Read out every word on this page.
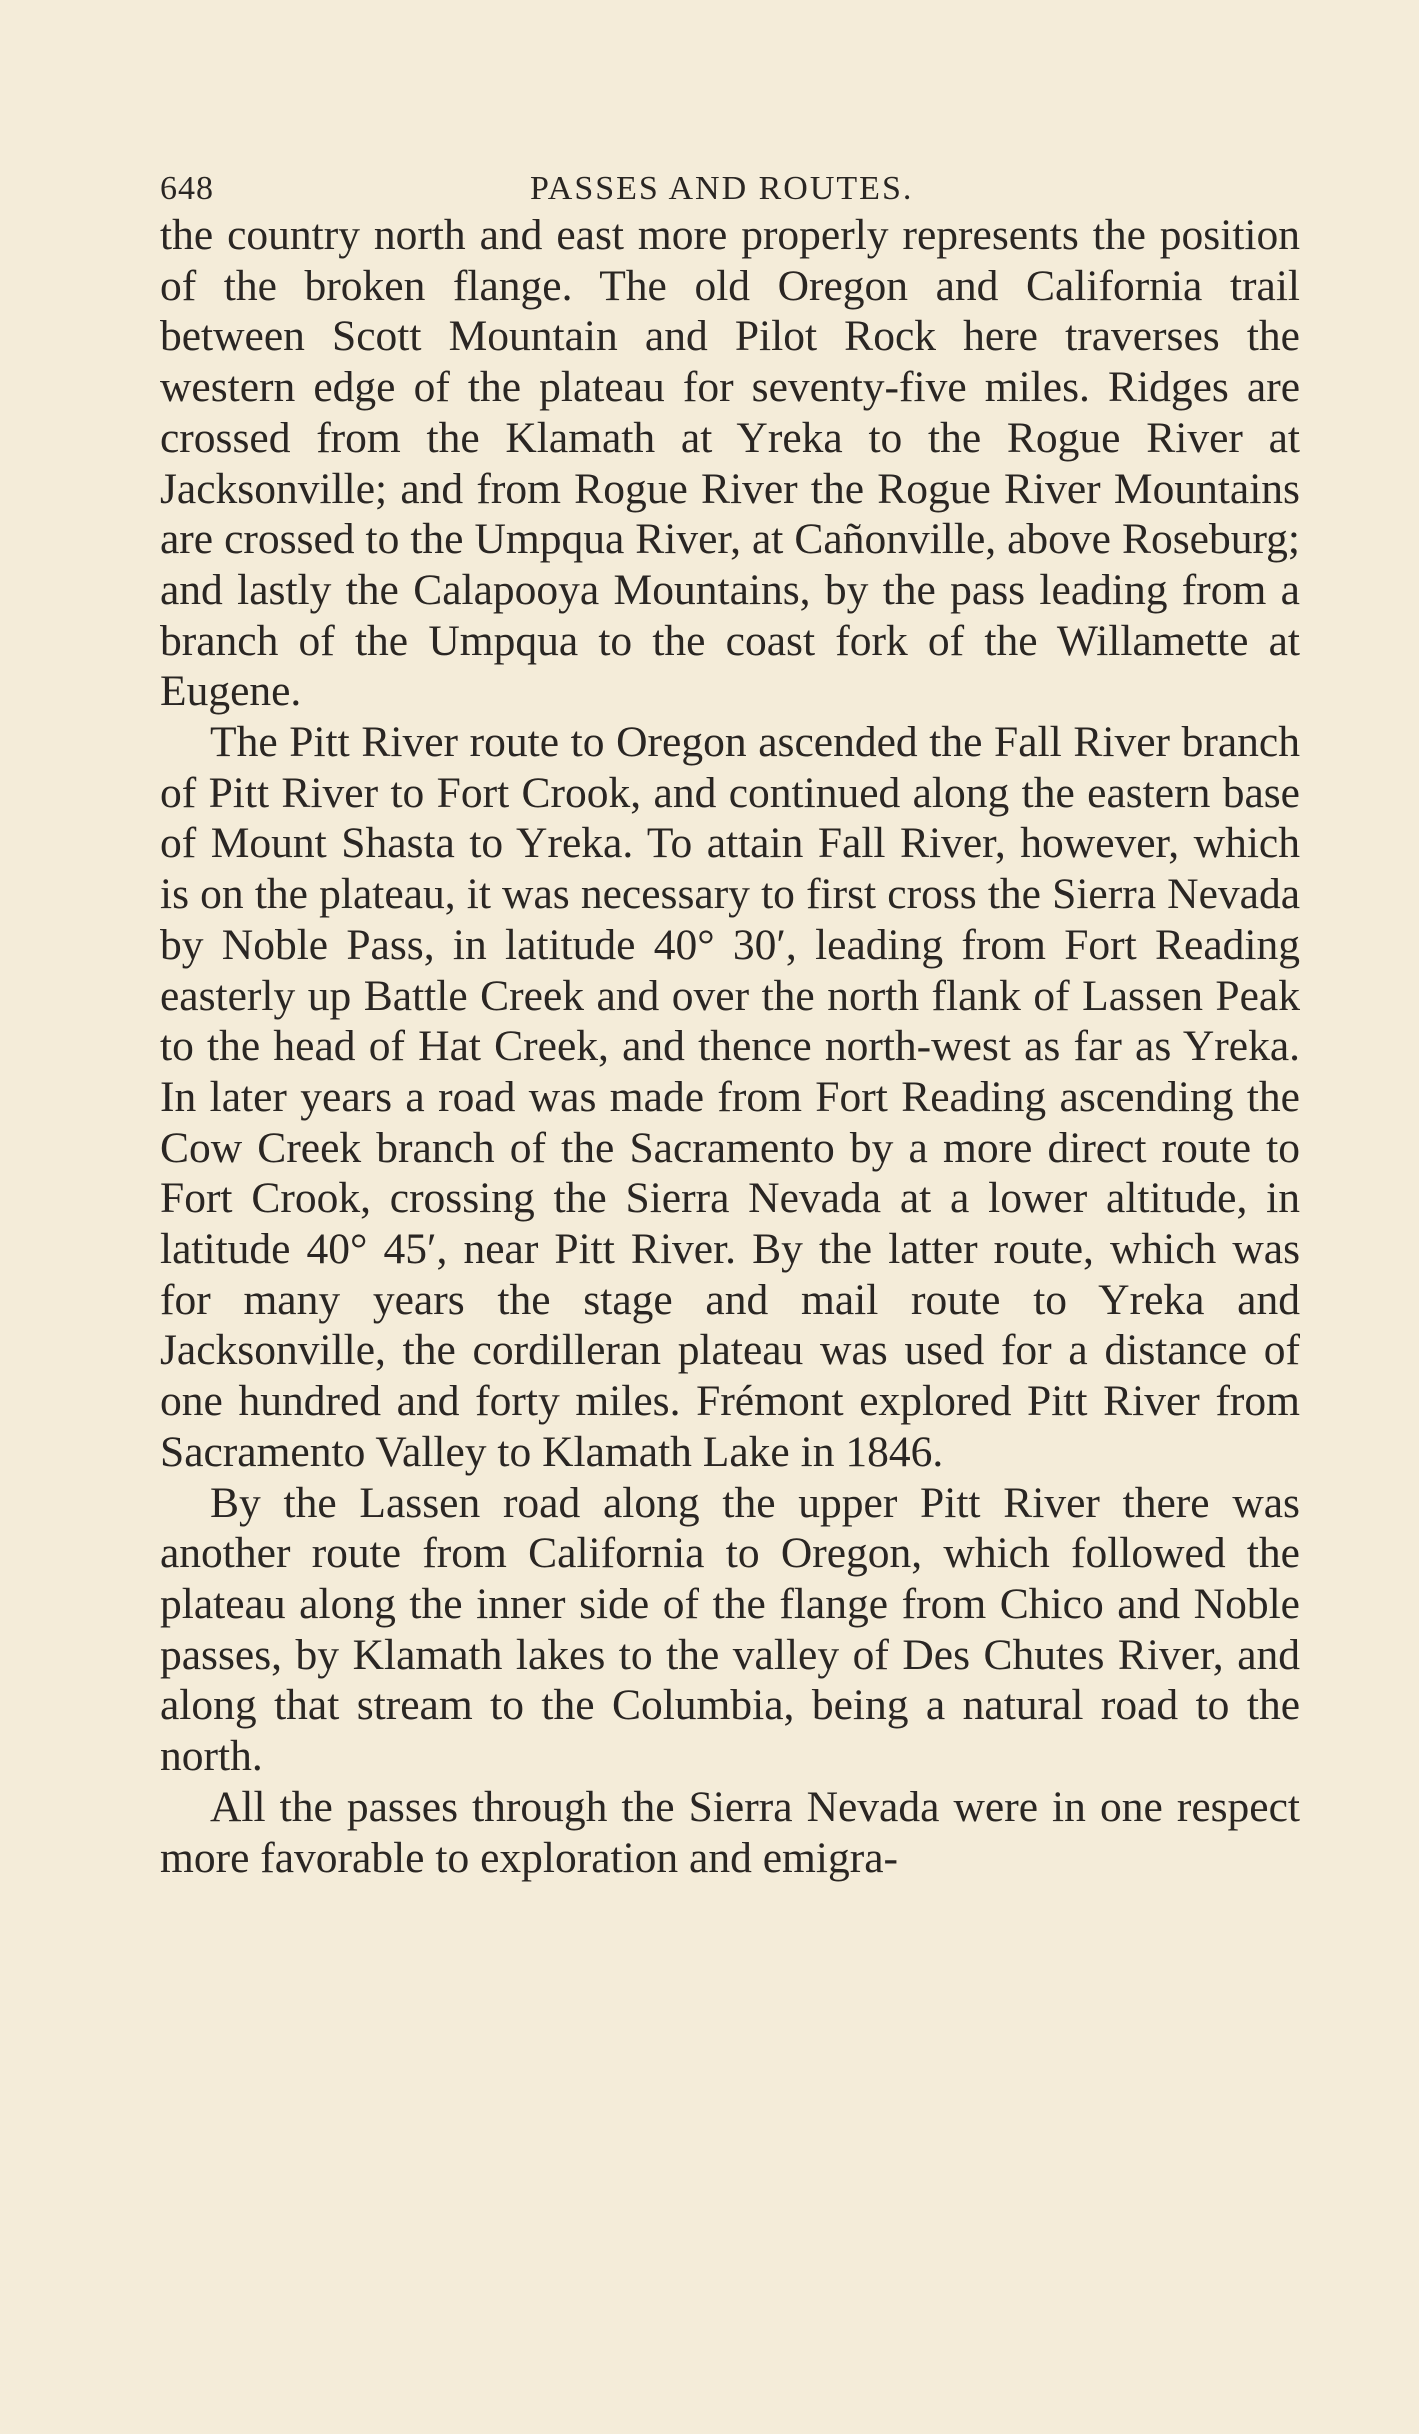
648	PASSES AND ROUTES.

the country north and east more properly represents the position of the broken flange. The old Oregon and California trail between Scott Mountain and Pilot Rock here traverses the western edge of the plateau for seventy-five miles. Ridges are crossed from the Klamath at Yreka to the Rogue River at Jacksonville; and from Rogue River the Rogue River Mountains are crossed to the Umpqua River, at Cañonville, above Roseburg; and lastly the Calapooya Mountains, by the pass leading from a branch of the Umpqua to the coast fork of the Willamette at Eugene.

The Pitt River route to Oregon ascended the Fall River branch of Pitt River to Fort Crook, and continued along the eastern base of Mount Shasta to Yreka. To attain Fall River, however, which is on the plateau, it was necessary to first cross the Sierra Nevada by Noble Pass, in latitude 40° 30′, leading from Fort Reading easterly up Battle Creek and over the north flank of Lassen Peak to the head of Hat Creek, and thence north-west as far as Yreka. In later years a road was made from Fort Reading ascending the Cow Creek branch of the Sacramento by a more direct route to Fort Crook, crossing the Sierra Nevada at a lower altitude, in latitude 40° 45′, near Pitt River. By the latter route, which was for many years the stage and mail route to Yreka and Jacksonville, the cordilleran plateau was used for a distance of one hundred and forty miles. Frémont explored Pitt River from Sacramento Valley to Klamath Lake in 1846.

By the Lassen road along the upper Pitt River there was another route from California to Oregon, which followed the plateau along the inner side of the flange from Chico and Noble passes, by Klamath lakes to the valley of Des Chutes River, and along that stream to the Columbia, being a natural road to the north.

All the passes through the Sierra Nevada were in one respect more favorable to exploration and emigra-
